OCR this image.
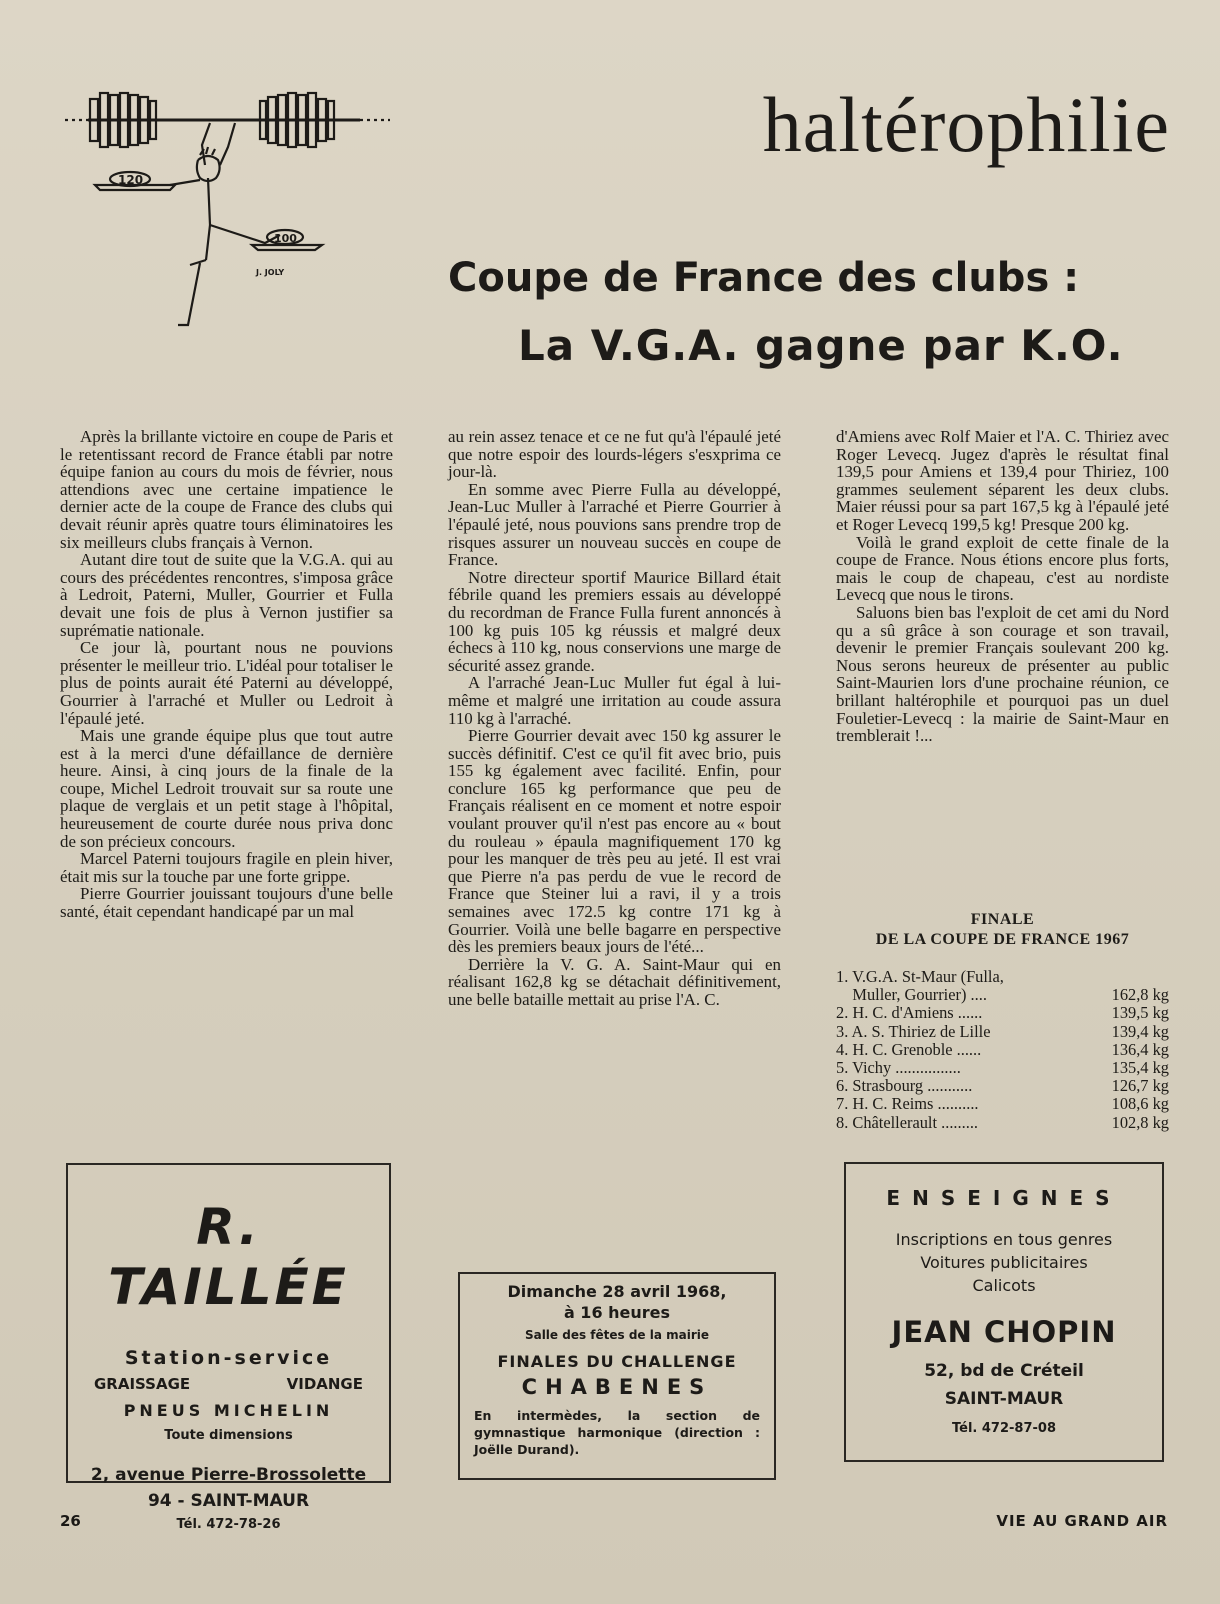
haltérophilie
120
100
J. JOLY	Coupe de France des clubs :
La V.G.A. gagne par K.O.

Après la brillante victoire en coupe de Paris et le retentissant record de France établi par notre équipe fanion au cours du mois de février, nous attendions avec une certaine impatience le dernier acte de la coupe de France des clubs qui devait réunir après quatre tours éliminatoires les six meilleurs clubs français à Vernon.

Autant dire tout de suite que la V.G.A. qui au cours des précédentes rencontres, s'imposa grâce à Ledroit, Paterni, Muller, Gourrier et Fulla devait une fois de plus à Vernon justifier sa suprématie nationale.

Ce jour là, pourtant nous ne pouvions présenter le meilleur trio. L'idéal pour totaliser le plus de points aurait été Paterni au développé, Gourrier à l'arraché et Muller ou Ledroit à l'épaulé jeté.

Mais une grande équipe plus que tout autre est à la merci d'une défaillance de dernière heure. Ainsi, à cinq jours de la finale de la coupe, Michel Ledroit trouvait sur sa route une plaque de verglais et un petit stage à l'hôpital, heureusement de courte durée nous priva donc de son précieux concours.

Marcel Paterni toujours fragile en plein hiver, était mis sur la touche par une forte grippe.

Pierre Gourrier jouissant toujours d'une belle santé, était cependant handicapé par un mal

au rein assez tenace et ce ne fut qu'à l'épaulé jeté que notre espoir des lourds-légers s'esxprima ce jour-là.

En somme avec Pierre Fulla au développé, Jean-Luc Muller à l'arraché et Pierre Gourrier à l'épaulé jeté, nous pouvions sans prendre trop de risques assurer un nouveau succès en coupe de France.

Notre directeur sportif Maurice Billard était fébrile quand les premiers essais au développé du recordman de France Fulla furent annoncés à 100 kg puis 105 kg réussis et malgré deux échecs à 110 kg, nous conservions une marge de sécurité assez grande.

A l'arraché Jean-Luc Muller fut égal à lui-même et malgré une irritation au coude assura 110 kg à l'arraché.

Pierre Gourrier devait avec 150 kg assurer le succès définitif. C'est ce qu'il fit avec brio, puis 155 kg également avec facilité. Enfin, pour conclure 165 kg performance que peu de Français réalisent en ce moment et notre espoir voulant prouver qu'il n'est pas encore au « bout du rouleau » épaula magnifiquement 170 kg pour les manquer de très peu au jeté. Il est vrai que Pierre n'a pas perdu de vue le record de France que Steiner lui a ravi, il y a trois semaines avec 172.5 kg contre 171 kg à Gourrier. Voilà une belle bagarre en perspective dès les premiers beaux jours de l'été...

Derrière la V. G. A. Saint-Maur qui en réalisant 162,8 kg se détachait définitivement, une belle bataille mettait au prise l'A. C.

d'Amiens avec Rolf Maier et l'A. C. Thiriez avec Roger Levecq. Jugez d'après le résultat final 139,5 pour Amiens et 139,4 pour Thiriez, 100 grammes seulement séparent les deux clubs. Maier réussi pour sa part 167,5 kg à l'épaulé jeté et Roger Levecq 199,5 kg! Presque 200 kg.

Voilà le grand exploit de cette finale de la coupe de France. Nous étions encore plus forts, mais le coup de chapeau, c'est au nordiste Levecq que nous le tirons.

Saluons bien bas l'exploit de cet ami du Nord qu a sû grâce à son courage et son travail, devenir le premier Français soulevant 200 kg. Nous serons heureux de présenter au public Saint-Maurien lors d'une prochaine réunion, ce brillant haltérophile et pourquoi pas un duel Fouletier-Levecq : la mairie de Saint-Maur en tremblerait !...

FINALE
DE LA COUPE DE FRANCE 1967
1. V.G.A. St-Maur (Fulla,
Muller, Gourrier) ....	162,8 kg
2. H. C. d'Amiens ......	139,5 kg
3. A. S. Thiriez de Lille	139,4 kg
4. H. C. Grenoble ......	136,4 kg
5. Vichy ................	135,4 kg
6. Strasbourg ...........	126,7 kg
7. H. C. Reims ..........	108,6 kg
8. Châtellerault .........	102,8 kg
R. TAILLÉE
Station-service
GRAISSAGE	VIDANGE
PNEUS MICHELIN
Toute dimensions
2, avenue Pierre-Brossolette
94 - SAINT-MAUR
Tél. 472-78-26
Dimanche 28 avril 1968,
à 16 heures
Salle des fêtes de la mairie
FINALES DU CHALLENGE
CHABENES
En intermèdes, la section de gymnastique harmonique (direction : Joëlle Durand).
ENSEIGNES
Inscriptions en tous genres
Voitures publicitaires
Calicots
JEAN CHOPIN
52, bd de Créteil
SAINT-MAUR
Tél. 472-87-08
26	VIE AU GRAND AIR
